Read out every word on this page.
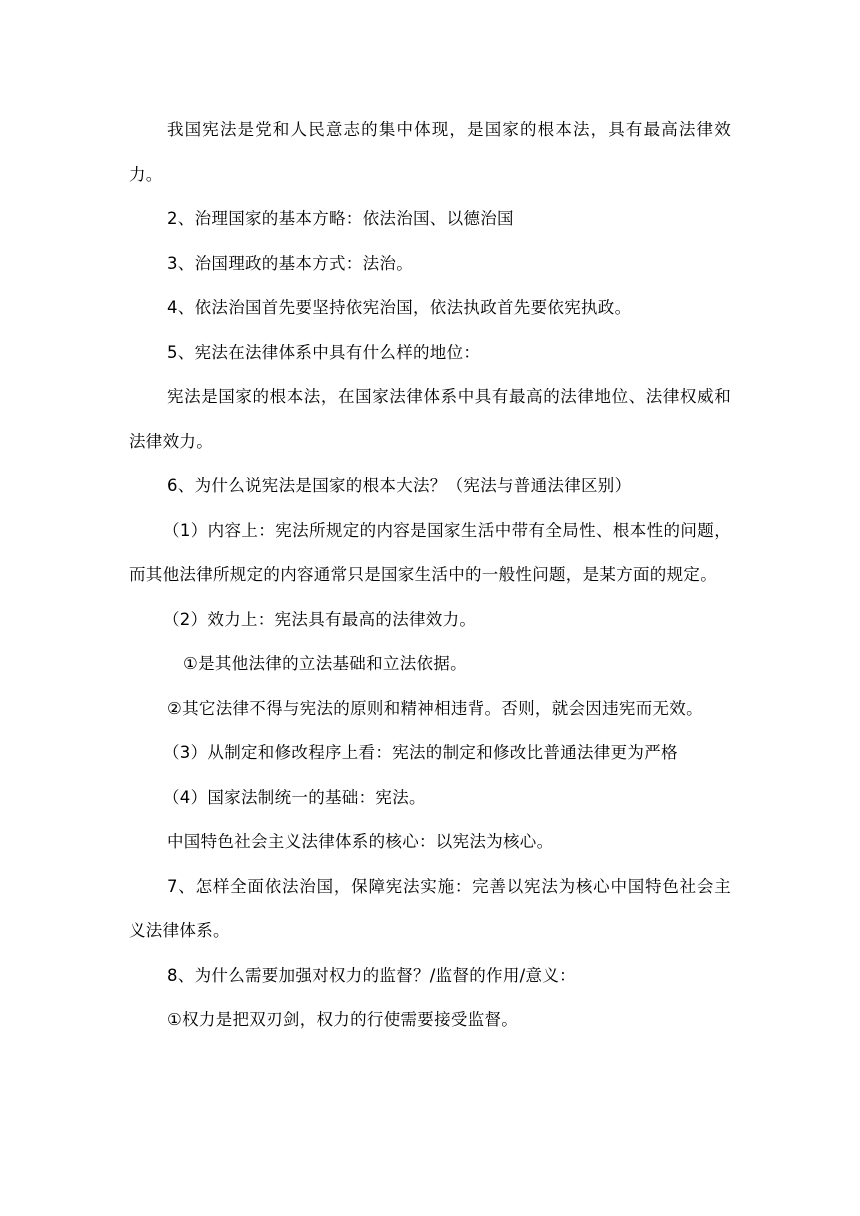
我国宪法是党和人民意志的集中体现，是国家的根本法，具有最高法律效力。

2、治理国家的基本方略：依法治国、以德治国

3、治国理政的基本方式：法治。

4、依法治国首先要坚持依宪治国，依法执政首先要依宪执政。

5、宪法在法律体系中具有什么样的地位：

宪法是国家的根本法，在国家法律体系中具有最高的法律地位、法律权威和法律效力。

6、为什么说宪法是国家的根本大法？（宪法与普通法律区别）

（1）内容上：宪法所规定的内容是国家生活中带有全局性、根本性的问题，而其他法律所规定的内容通常只是国家生活中的一般性问题，是某方面的规定。

（2）效力上：宪法具有最高的法律效力。

①是其他法律的立法基础和立法依据。

②其它法律不得与宪法的原则和精神相违背。否则，就会因违宪而无效。

（3）从制定和修改程序上看：宪法的制定和修改比普通法律更为严格

（4）国家法制统一的基础：宪法。

中国特色社会主义法律体系的核心：以宪法为核心。

7、怎样全面依法治国，保障宪法实施：完善以宪法为核心中国特色社会主义法律体系。

8、为什么需要加强对权力的监督？/监督的作用/意义：

①权力是把双刃剑，权力的行使需要接受监督。
